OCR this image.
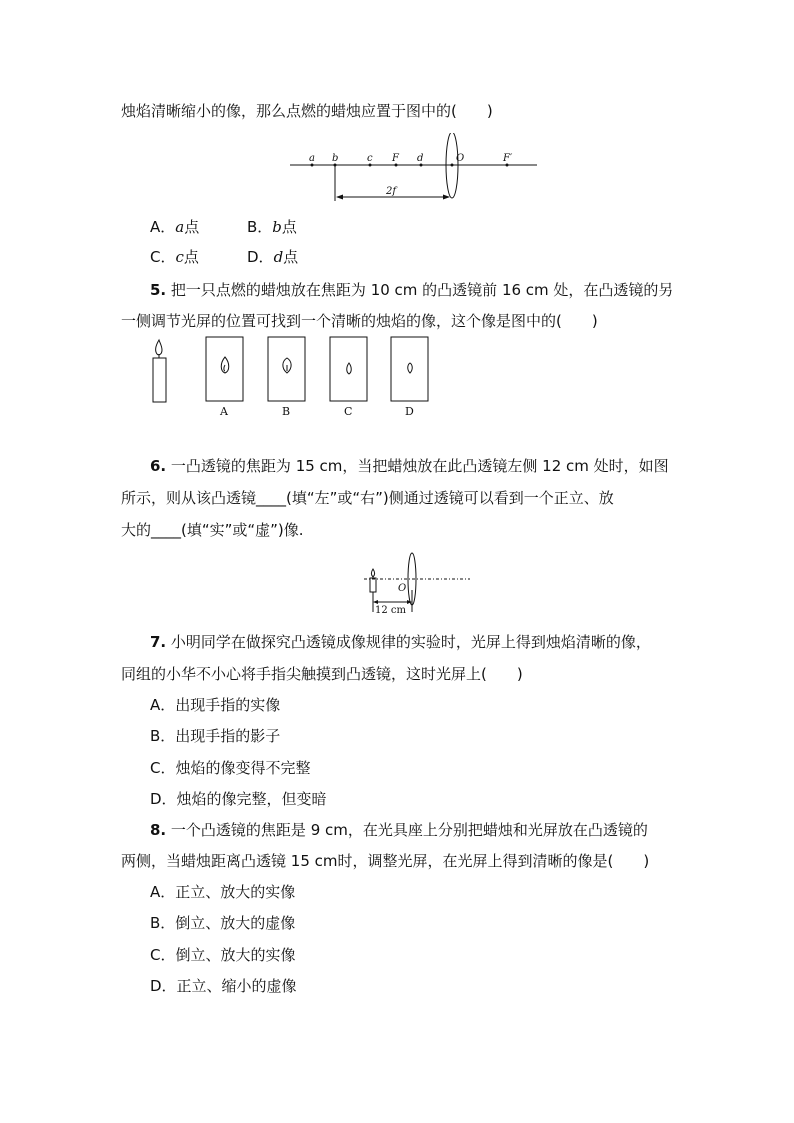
烛焰清晰缩小的像，那么点燃的蜡烛应置于图中的(　　)
a b	c F d	O	F′
2f
A．a点	B．b点
C．c点	D．d点
5. 把一只点燃的蜡烛放在焦距为 10 cm 的凸透镜前 16 cm 处，在凸透镜的另
一侧调节光屏的位置可找到一个清晰的烛焰的像，这个像是图中的(　　)
A	B	C	D
6. 一凸透镜的焦距为 15 cm，当把蜡烛放在此凸透镜左侧 12 cm 处时，如图
所示，则从该凸透镜____(填“左”或“右”)侧通过透镜可以看到一个正立、放
大的____(填“实”或“虚”)像.
O
12 cm
7. 小明同学在做探究凸透镜成像规律的实验时，光屏上得到烛焰清晰的像，
同组的小华不小心将手指尖触摸到凸透镜，这时光屏上(　　)
A．出现手指的实像
B．出现手指的影子
C．烛焰的像变得不完整
D．烛焰的像完整，但变暗
8. 一个凸透镜的焦距是 9 cm，在光具座上分别把蜡烛和光屏放在凸透镜的
两侧，当蜡烛距离凸透镜 15 cm时，调整光屏，在光屏上得到清晰的像是(　　)
A．正立、放大的实像
B．倒立、放大的虚像
C．倒立、放大的实像
D．正立、缩小的虚像
